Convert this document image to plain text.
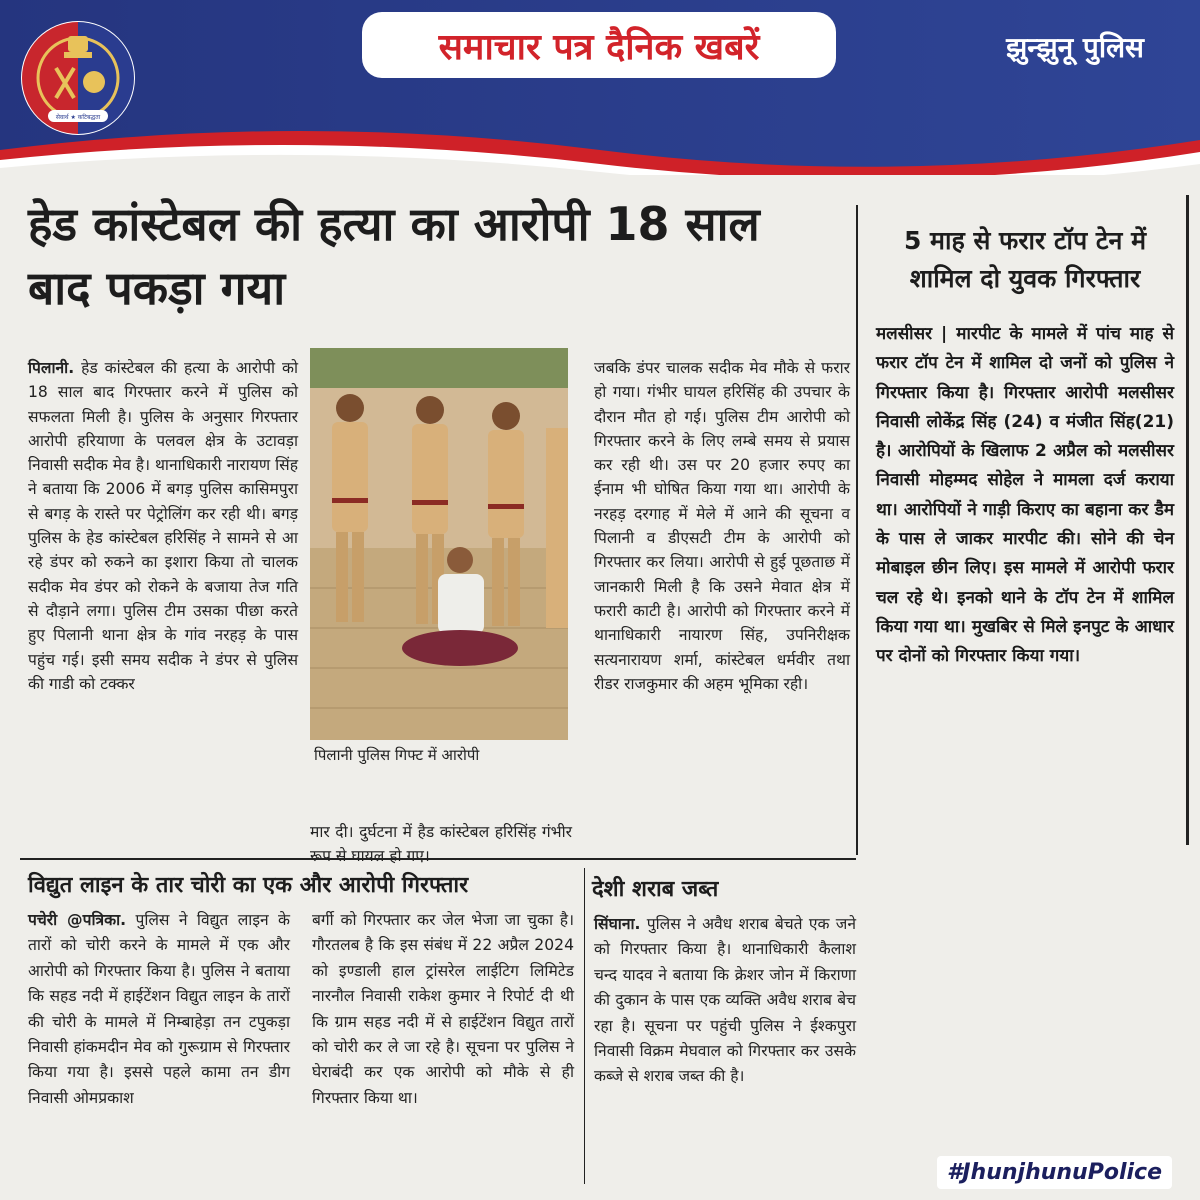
सेवार्थ ★ कटिबद्धता
समाचार पत्र दैनिक खबरें	झुन्झुनू पुलिस
हेड कांस्टेबल की हत्या का आरोपी 18 साल बाद पकड़ा गया
पिलानी. हेड कांस्टेबल की हत्या के आरोपी को 18 साल बाद गिरफ्तार करने में पुलिस को सफलता मिली है। पुलिस के अनुसार गिरफ्तार आरोपी हरियाणा के पलवल क्षेत्र के उटावड़ा निवासी सदीक मेव है। थानाधिकारी नारायण सिंह ने बताया कि 2006 में बगड़ पुलिस कासिमपुरा से बगड़ के रास्ते पर पेट्रोलिंग कर रही थी। बगड़ पुलिस के हेड कांस्टेबल हरिसिंह ने सामने से आ रहे डंपर को रुकने का इशारा किया तो चालक सदीक मेव डंपर को रोकने के बजाया तेज गति से दौड़ाने लगा। पुलिस टीम उसका पीछा करते हुए पिलानी थाना क्षेत्र के गांव नरहड़ के पास पहुंच गई। इसी समय सदीक ने डंपर से पुलिस की गाडी को टक्कर
पिलानी पुलिस गिफ्ट में आरोपी
मार दी। दुर्घटना में हैड कांस्टेबल हरिसिंह गंभीर रूप से घायल हो गए।
जबकि डंपर चालक सदीक मेव मौके से फरार हो गया। गंभीर घायल हरिसिंह की उपचार के दौरान मौत हो गई। पुलिस टीम आरोपी को गिरफ्तार करने के लिए लम्बे समय से प्रयास कर रही थी। उस पर 20 हजार रुपए का ईनाम भी घोषित किया गया था। आरोपी के नरहड़ दरगाह में मेले में आने की सूचना व पिलानी व डीएसटी टीम के आरोपी को गिरफ्तार कर लिया। आरोपी से हुई पूछताछ में जानकारी मिली है कि उसने मेवात क्षेत्र में फरारी काटी है। आरोपी को गिरफ्तार करने में थानाधिकारी नायारण सिंह, उपनिरीक्षक सत्यनारायण शर्मा, कांस्टेबल धर्मवीर तथा रीडर राजकुमार की अहम भूमिका रही।
5 माह से फरार टॉप टेन में शामिल दो युवक गिरफ्तार
मलसीसर | मारपीट के मामले में पांच माह से फरार टॉप टेन में शामिल दो जनों को पुलिस ने गिरफ्तार किया है। गिरफ्तार आरोपी मलसीसर निवासी लोकेंद्र सिंह (24) व मंजीत सिंह(21) है। आरोपियों के खिलाफ 2 अप्रैल को मलसीसर निवासी मोहम्मद सोहेल ने मामला दर्ज कराया था। आरोपियों ने गाड़ी किराए का बहाना कर डैम के पास ले जाकर मारपीट की। सोने की चेन मोबाइल छीन लिए। इस मामले में आरोपी फरार चल रहे थे। इनको थाने के टॉप टेन में शामिल किया गया था। मुखबिर से मिले इनपुट के आधार पर दोनों को गिरफ्तार किया गया।
विद्युत लाइन के तार चोरी का एक और आरोपी गिरफ्तार
पचेरी @पत्रिका. पुलिस ने विद्युत लाइन के तारों को चोरी करने के मामले में एक और आरोपी को गिरफ्तार किया है। पुलिस ने बताया कि सहड नदी में हाईटेंशन विद्युत लाइन के तारों की चोरी के मामले में निम्बाहेड़ा तन टपुकड़ा निवासी हांकमदीन मेव को गुरूग्राम से गिरफ्तार किया गया है। इससे पहले कामा तन डीग निवासी ओमप्रकाश
बर्गी को गिरफ्तार कर जेल भेजा जा चुका है। गौरतलब है कि इस संबंध में 22 अप्रैल 2024 को इण्डाली हाल ट्रांसरेल लाईटिग लिमिटेड नारनौल निवासी राकेश कुमार ने रिपोर्ट दी थी कि ग्राम सहड नदी में से हाईटेंशन विद्युत तारों को चोरी कर ले जा रहे है। सूचना पर पुलिस ने घेराबंदी कर एक आरोपी को मौके से ही गिरफ्तार किया था।
देशी शराब जब्त
सिंघाना. पुलिस ने अवैध शराब बेचते एक जने को गिरफ्तार किया है। थानाधिकारी कैलाश चन्द यादव ने बताया कि क्रेशर जोन में किराणा की दुकान के पास एक व्यक्ति अवैध शराब बेच रहा है। सूचना पर पहुंची पुलिस ने ईश्कपुरा निवासी विक्रम मेघवाल को गिरफ्तार कर उसके कब्जे से शराब जब्त की है।
#JhunjhunuPolice
